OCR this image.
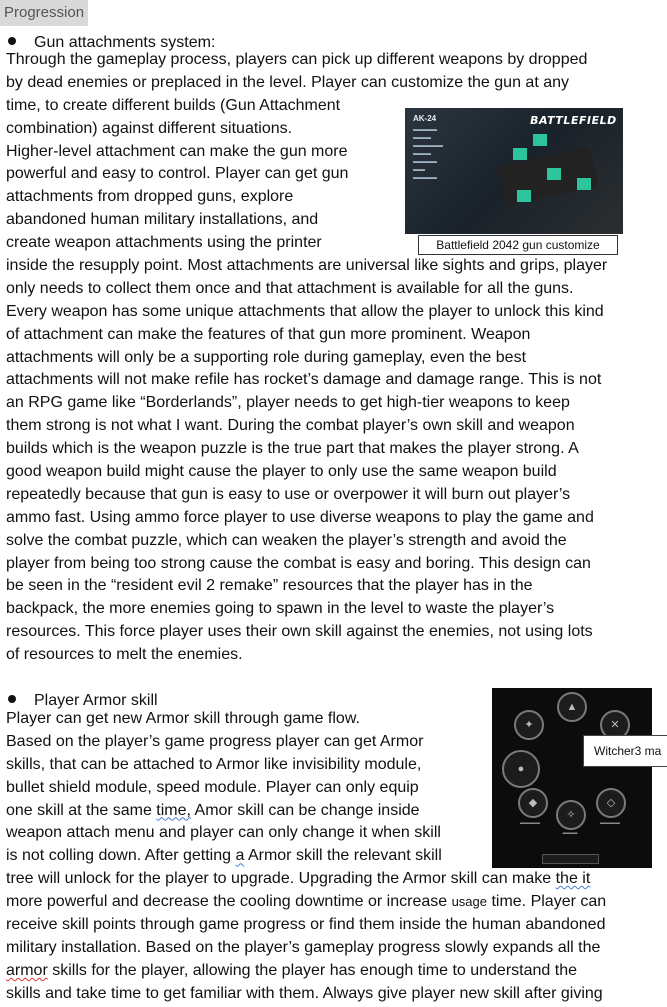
Progression
Gun attachments system:
Through the gameplay process, players can pick up different weapons by dropped
by dead enemies or preplaced in the level. Player can customize the gun at any
time, to create different builds (Gun Attachment
combination) against different situations.
Higher-level attachment can make the gun more
powerful and easy to control. Player can get gun
attachments from dropped guns, explore
abandoned human military installations, and
create weapon attachments using the printer
inside the resupply point. Most attachments are universal like sights and grips, player
only needs to collect them once and that attachment is available for all the guns.
Every weapon has some unique attachments that allow the player to unlock this kind
of attachment can make the features of that gun more prominent. Weapon
attachments will only be a supporting role during gameplay, even the best
attachments will not make refile has rocket’s damage and damage range. This is not
an RPG game like “Borderlands”, player needs to get high-tier weapons to keep
them strong is not what I want. During the combat player’s own skill and weapon
builds which is the weapon puzzle is the true part that makes the player strong. A
good weapon build might cause the player to only use the same weapon build
repeatedly because that gun is easy to use or overpower it will burn out player’s
ammo fast. Using ammo force player to use diverse weapons to play the game and
solve the combat puzzle, which can weaken the player’s strength and avoid the
player from being too strong cause the combat is easy and boring. This design can
be seen in the “resident evil 2 remake” resources that the player has in the
backpack, the more enemies going to spawn in the level to waste the player’s
resources. This force player uses their own skill against the enemies, not using lots
of resources to melt the enemies.
AK-24
▬▬▬▬
▬▬▬
▬▬▬▬▬
▬▬▬
▬▬▬▬
▬▬
▬▬▬▬
BATTLEFIELD
Battlefield 2042 gun customize
Player Armor skill
Player can get new Armor skill through game flow.
Based on the player’s game progress player can get Armor
skills, that can be attached to Armor like invisibility module,
bullet shield module, speed module. Player can only equip
one skill at the same time, Amor skill can be change inside
weapon attach menu and player can only change it when skill
is not colling down. After getting a Armor skill the relevant skill
tree will unlock for the player to upgrade. Upgrading the Armor skill can make the it
more powerful and decrease the cooling downtime or increase usage time. Player can
receive skill points through game progress or find them inside the human abandoned
military installation. Based on the player’s gameplay progress slowly expands all the
armor skills for the player, allowing the player has enough time to understand the
skills and take time to get familiar with them. Always give player new skill after giving
▲
✦	✕
●
◆
✧
◇
▬▬▬▬
▬▬▬
▬▬▬▬
Witcher3 ma
